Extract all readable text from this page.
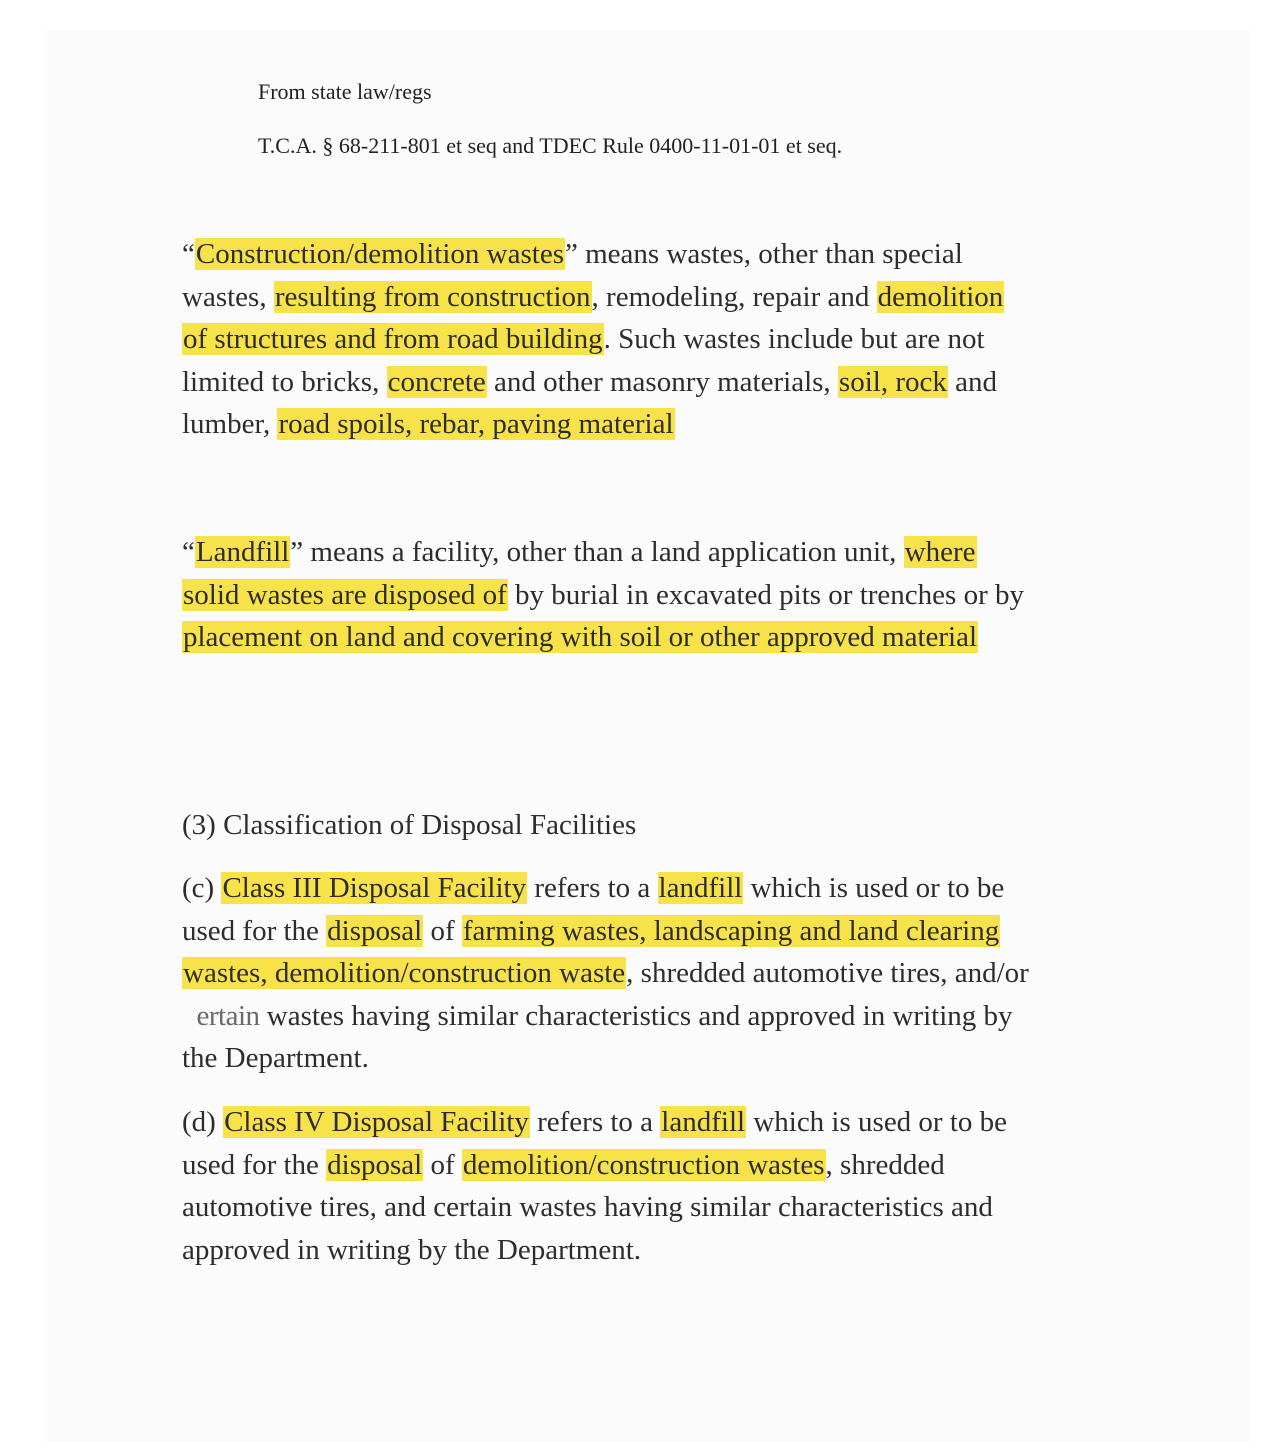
From state law/regs

T.C.A. § 68-211-801 et seq and TDEC Rule 0400-11-01-01 et seq.

“Construction/demolition wastes” means wastes, other than special
wastes, resulting from construction, remodeling, repair and demolition
of structures and from road building. Such wastes include but are not
limited to bricks, concrete and other masonry materials, soil, rock and
lumber, road spoils, rebar, paving material
“Landfill” means a facility, other than a land application unit, where
solid wastes are disposed of by burial in excavated pits or trenches or by
placement on land and covering with soil or other approved material
(3) Classification of Disposal Facilities
(c) Class III Disposal Facility refers to a landfill which is used or to be
used for the disposal of farming wastes, landscaping and land clearing
wastes, demolition/construction waste, shredded automotive tires, and/or
ertain wastes having similar characteristics and approved in writing by
the Department.
(d) Class IV Disposal Facility refers to a landfill which is used or to be
used for the disposal of demolition/construction wastes, shredded
automotive tires, and certain wastes having similar characteristics and
approved in writing by the Department.
